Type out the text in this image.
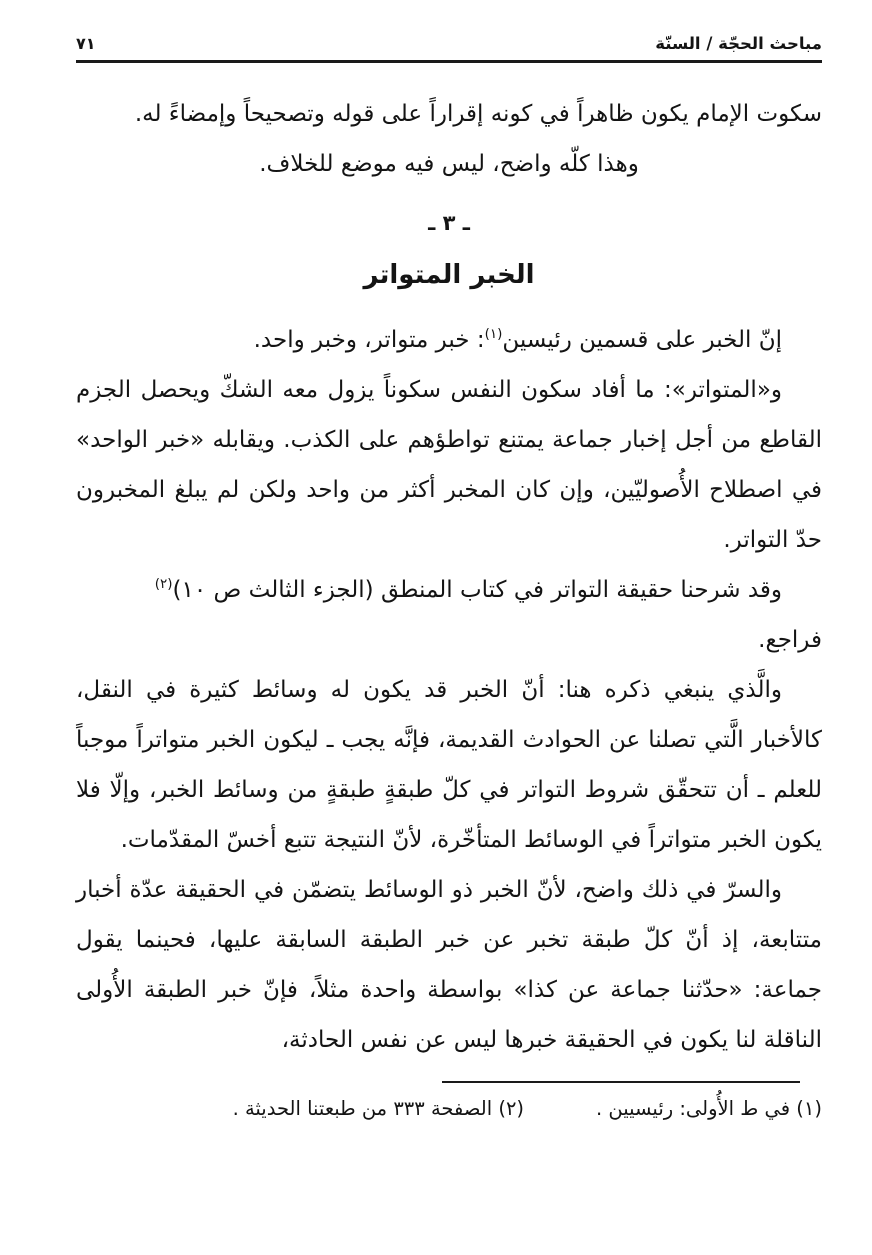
مباحث الحجّة / السنّة
٧١

سكوت الإمام يكون ظاهراً في كونه إقراراً على قوله وتصحيحاً وإمضاءً له.

وهذا كلّه واضح، ليس فيه موضع للخلاف.

ـ ٣ ـ
الخبر المتواتر

إنّ الخبر على قسمين رئيسين$^{(١)}$: خبر متواتر، وخبر واحد.

و«المتواتر»: ما أفاد سكون النفس سكوناً يزول معه الشكّ ويحصل الجزم القاطع من أجل إخبار جماعة يمتنع تواطؤهم على الكذب. ويقابله «خبر الواحد» في اصطلاح الأُصوليّين، وإن كان المخبر أكثر من واحد ولكن لم يبلغ المخبرون حدّ التواتر.

وقد شرحنا حقيقة التواتر في كتاب المنطق (الجزء الثالث ص ١٠)$^{(٢)}$

فراجع.

والَّذي ينبغي ذكره هنا: أنّ الخبر قد يكون له وسائط كثيرة في النقل، كالأخبار الَّتي تصلنا عن الحوادث القديمة، فإنَّه يجب ـ ليكون الخبر متواتراً موجباً للعلم ـ أن تتحقّق شروط التواتر في كلّ طبقةٍ طبقةٍ من وسائط الخبر، وإلّا فلا يكون الخبر متواتراً في الوسائط المتأخّرة، لأنّ النتيجة تتبع أخسّ المقدّمات.

والسرّ في ذلك واضح، لأنّ الخبر ذو الوسائط يتضمّن في الحقيقة عدّة أخبار متتابعة، إذ أنّ كلّ طبقة تخبر عن خبر الطبقة السابقة عليها، فحينما يقول جماعة: «حدّثنا جماعة عن كذا» بواسطة واحدة مثلاً، فإنّ خبر الطبقة الأُولى الناقلة لنا يكون في الحقيقة خبرها ليس عن نفس الحادثة،

(١) في ط الأُولى: رئيسيين .
(٢) الصفحة ٣٣٣ من طبعتنا الحديثة .
